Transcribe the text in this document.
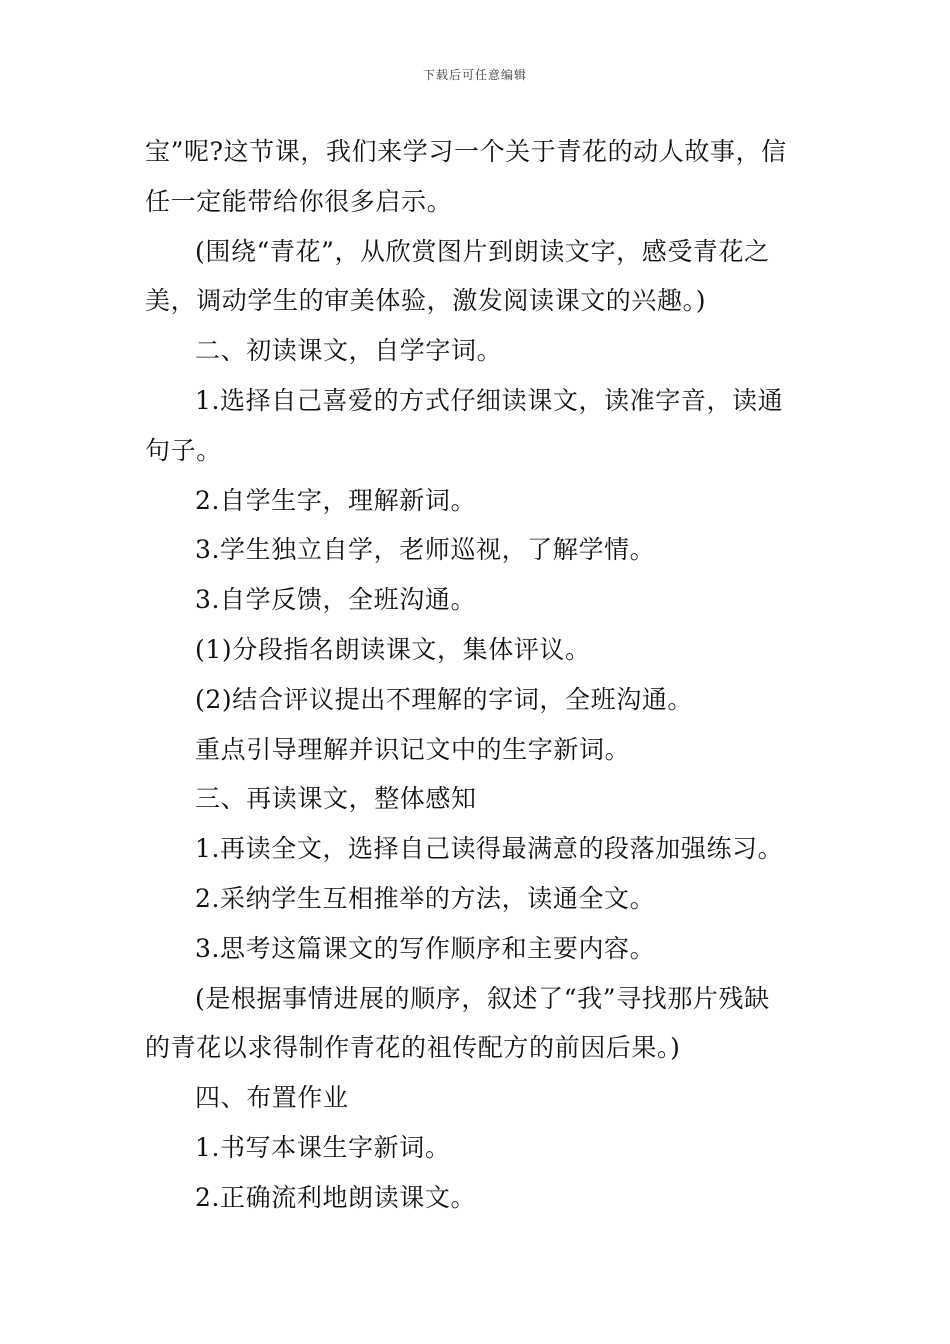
下载后可任意编辑
宝”呢?这节课，我们来学习一个关于青花的动人故事，信
任一定能带给你很多启示。
(围绕“青花”，从欣赏图片到朗读文字，感受青花之
美，调动学生的审美体验，激发阅读课文的兴趣。)
二、初读课文，自学字词。
1.选择自己喜爱的方式仔细读课文，读准字音，读通
句子。
2.自学生字，理解新词。
3.学生独立自学，老师巡视，了解学情。
3.自学反馈，全班沟通。
(1)分段指名朗读课文，集体评议。
(2)结合评议提出不理解的字词，全班沟通。
重点引导理解并识记文中的生字新词。
三、再读课文，整体感知
1.再读全文，选择自己读得最满意的段落加强练习。
2.采纳学生互相推举的方法，读通全文。
3.思考这篇课文的写作顺序和主要内容。
(是根据事情进展的顺序，叙述了“我”寻找那片残缺
的青花以求得制作青花的祖传配方的前因后果。)
四、布置作业
1.书写本课生字新词。
2.正确流利地朗读课文。
